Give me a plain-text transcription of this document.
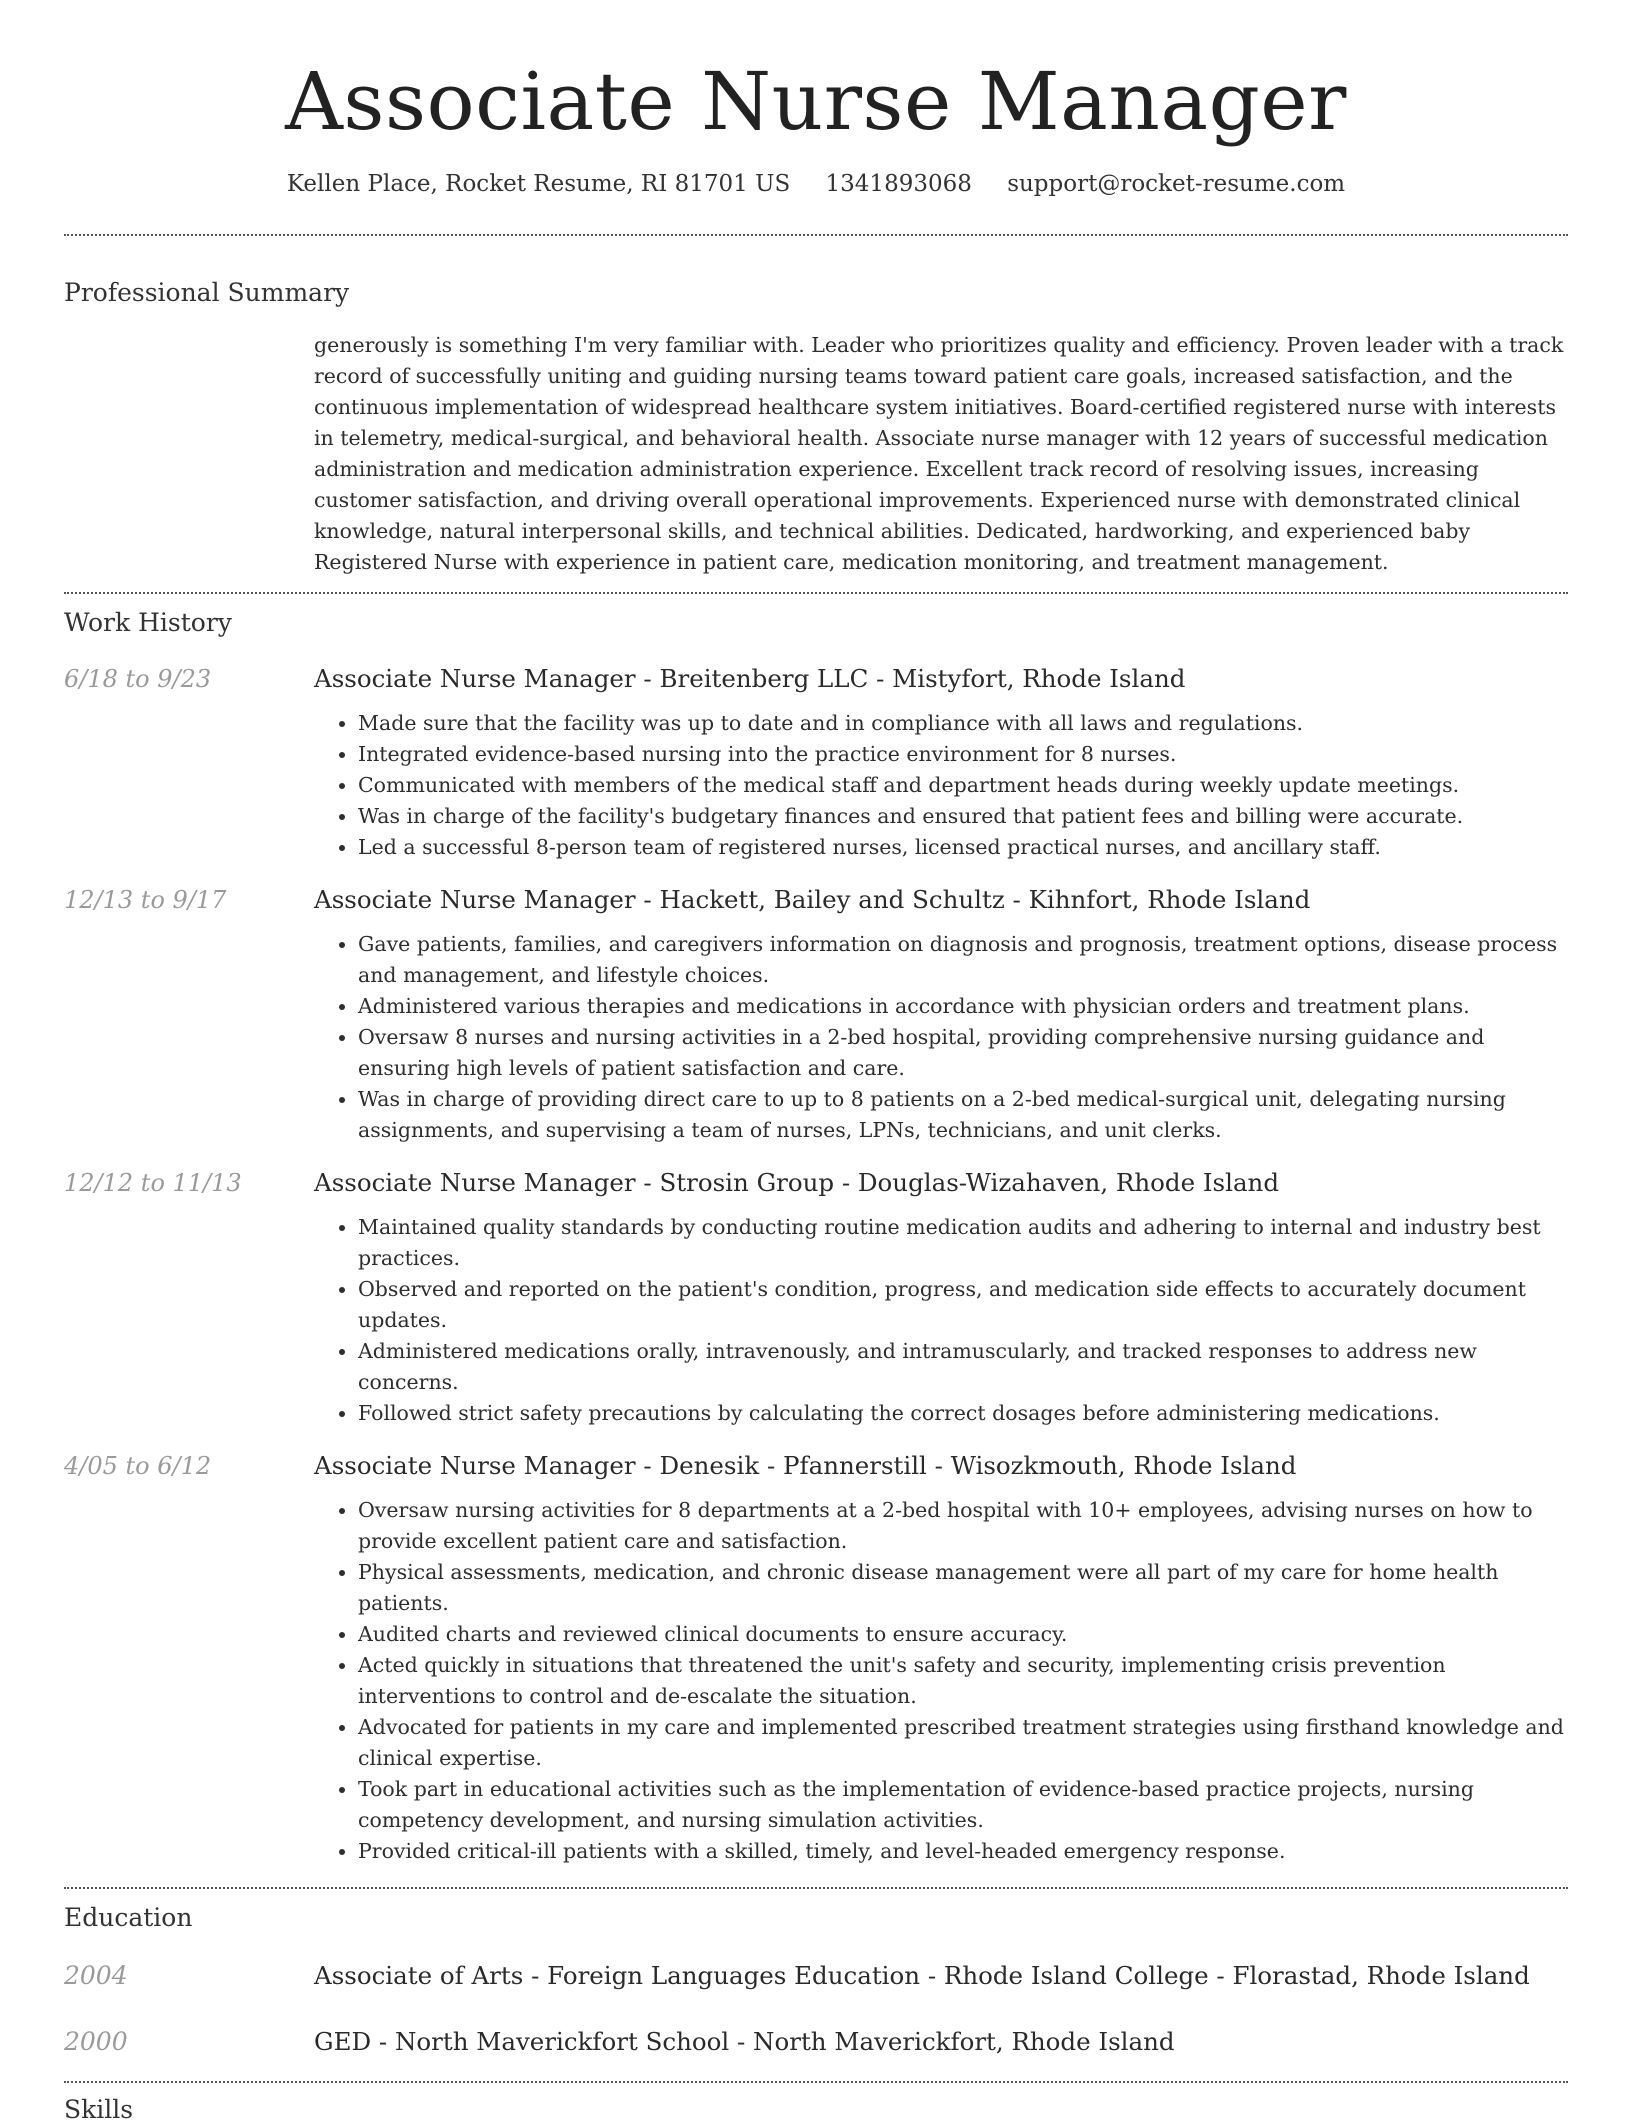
Associate Nurse Manager
Kellen Place, Rocket Resume, RI 81701 US 1341893068 support@rocket-resume.com
Professional Summary
generously is something I'm very familiar with. Leader who prioritizes quality and efficiency. Proven leader with a track record of successfully uniting and guiding nursing teams toward patient care goals, increased satisfaction, and the continuous implementation of widespread healthcare system initiatives. Board-certified registered nurse with interests in telemetry, medical-surgical, and behavioral health. Associate nurse manager with 12 years of successful medication administration and medication administration experience. Excellent track record of resolving issues, increasing customer satisfaction, and driving overall operational improvements. Experienced nurse with demonstrated clinical knowledge, natural interpersonal skills, and technical abilities. Dedicated, hardworking, and experienced baby Registered Nurse with experience in patient care, medication monitoring, and treatment management.
Work History
6/18 to 9/23	Associate Nurse Manager - Breitenberg LLC - Mistyfort, Rhode Island
• Made sure that the facility was up to date and in compliance with all laws and regulations.
• Integrated evidence-based nursing into the practice environment for 8 nurses.
• Communicated with members of the medical staff and department heads during weekly update meetings.
• Was in charge of the facility's budgetary finances and ensured that patient fees and billing were accurate.
• Led a successful 8-person team of registered nurses, licensed practical nurses, and ancillary staff.
12/13 to 9/17	Associate Nurse Manager - Hackett, Bailey and Schultz - Kihnfort, Rhode Island
• Gave patients, families, and caregivers information on diagnosis and prognosis, treatment options, disease process and management, and lifestyle choices.
• Administered various therapies and medications in accordance with physician orders and treatment plans.
• Oversaw 8 nurses and nursing activities in a 2-bed hospital, providing comprehensive nursing guidance and ensuring high levels of patient satisfaction and care.
• Was in charge of providing direct care to up to 8 patients on a 2-bed medical-surgical unit, delegating nursing assignments, and supervising a team of nurses, LPNs, technicians, and unit clerks.
12/12 to 11/13	Associate Nurse Manager - Strosin Group - Douglas-Wizahaven, Rhode Island
• Maintained quality standards by conducting routine medication audits and adhering to internal and industry best practices.
• Observed and reported on the patient's condition, progress, and medication side effects to accurately document updates.
• Administered medications orally, intravenously, and intramuscularly, and tracked responses to address new concerns.
• Followed strict safety precautions by calculating the correct dosages before administering medications.
4/05 to 6/12	Associate Nurse Manager - Denesik - Pfannerstill - Wisozkmouth, Rhode Island
• Oversaw nursing activities for 8 departments at a 2-bed hospital with 10+ employees, advising nurses on how to provide excellent patient care and satisfaction.
• Physical assessments, medication, and chronic disease management were all part of my care for home health patients.
• Audited charts and reviewed clinical documents to ensure accuracy.
• Acted quickly in situations that threatened the unit's safety and security, implementing crisis prevention interventions to control and de-escalate the situation.
• Advocated for patients in my care and implemented prescribed treatment strategies using firsthand knowledge and clinical expertise.
• Took part in educational activities such as the implementation of evidence-based practice projects, nursing competency development, and nursing simulation activities.
• Provided critical-ill patients with a skilled, timely, and level-headed emergency response.
Education
2004	Associate of Arts - Foreign Languages Education - Rhode Island College - Florastad, Rhode Island
2000	GED - North Maverickfort School - North Maverickfort, Rhode Island
Skills
